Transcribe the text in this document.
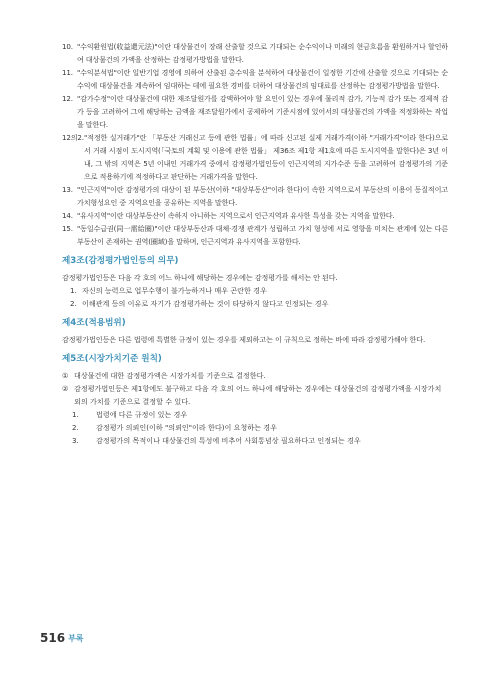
10. "수익환원법(收益還元法)"이란 대상물건이 장래 산출할 것으로 기대되는 순수익이나 미래의 현금흐름을 환원하거나 할인하여 대상물건의 가액을 산정하는 감정평가방법을 말한다.

11. "수익분석법"이란 일반기업 경영에 의하여 산출된 총수익을 분석하여 대상물건이 일정한 기간에 산출할 것으로 기대되는 순수익에 대상물건을 계속하여 임대하는 데에 필요한 경비를 더하여 대상물건의 임대료를 산정하는 감정평가방법을 말한다.

12. "감가수정"이란 대상물건에 대한 재조달원가를 감액하여야 할 요인이 있는 경우에 물리적 감가, 기능적 감가 또는 경제적 감가 등을 고려하여 그에 해당하는 금액을 재조달원가에서 공제하여 기준시점에 있어서의 대상물건의 가액을 적정화하는 작업을 말한다.

12의2. "적정한 실거래가"란 「부동산 거래신고 등에 관한 법률」에 따라 신고된 실제 거래가격(이하 "거래가격"이라 한다)으로서 거래 시점이 도시지역(「국토의 계획 및 이용에 관한 법률」 제36조 제1항 제1호에 따른 도시지역을 말한다)은 3년 이내, 그 밖의 지역은 5년 이내인 거래가격 중에서 감정평가법인등이 인근지역의 지가수준 등을 고려하여 감정평가의 기준으로 적용하기에 적정하다고 판단하는 거래가격을 말한다.

13. "인근지역"이란 감정평가의 대상이 된 부동산(이하 "대상부동산"이라 한다)이 속한 지역으로서 부동산의 이용이 동질적이고 가치형성요인 중 지역요인을 공유하는 지역을 말한다.

14. "유사지역"이란 대상부동산이 속하지 아니하는 지역으로서 인근지역과 유사한 특성을 갖는 지역을 말한다.

15. "동일수급권(同一需給圈)"이란 대상부동산과 대체·경쟁 관계가 성립하고 가치 형성에 서로 영향을 미치는 관계에 있는 다른 부동산이 존재하는 권역(圈域)을 말하며, 인근지역과 유사지역을 포함한다.

제3조(감정평가법인등의 의무)

감정평가법인등은 다음 각 호의 어느 하나에 해당하는 경우에는 감정평가를 해서는 안 된다.

1. 자신의 능력으로 업무수행이 불가능하거나 매우 곤란한 경우

2. 이해관계 등의 이유로 자기가 감정평가하는 것이 타당하지 않다고 인정되는 경우

제4조(적용범위)

감정평가법인등은 다른 법령에 특별한 규정이 있는 경우를 제외하고는 이 규칙으로 정하는 바에 따라 감정평가해야 한다.

제5조(시장가치기준 원칙)

① 대상물건에 대한 감정평가액은 시장가치를 기준으로 결정한다.

② 감정평가법인등은 제1항에도 불구하고 다음 각 호의 어느 하나에 해당하는 경우에는 대상물건의 감정평가액을 시장가치 외의 가치를 기준으로 결정할 수 있다.

1.	법령에 다른 규정이 있는 경우

2.	감정평가 의뢰인(이하 "의뢰인"이라 한다)이 요청하는 경우

3.	감정평가의 목적이나 대상물건의 특성에 비추어 사회통념상 필요하다고 인정되는 경우

516 부록
